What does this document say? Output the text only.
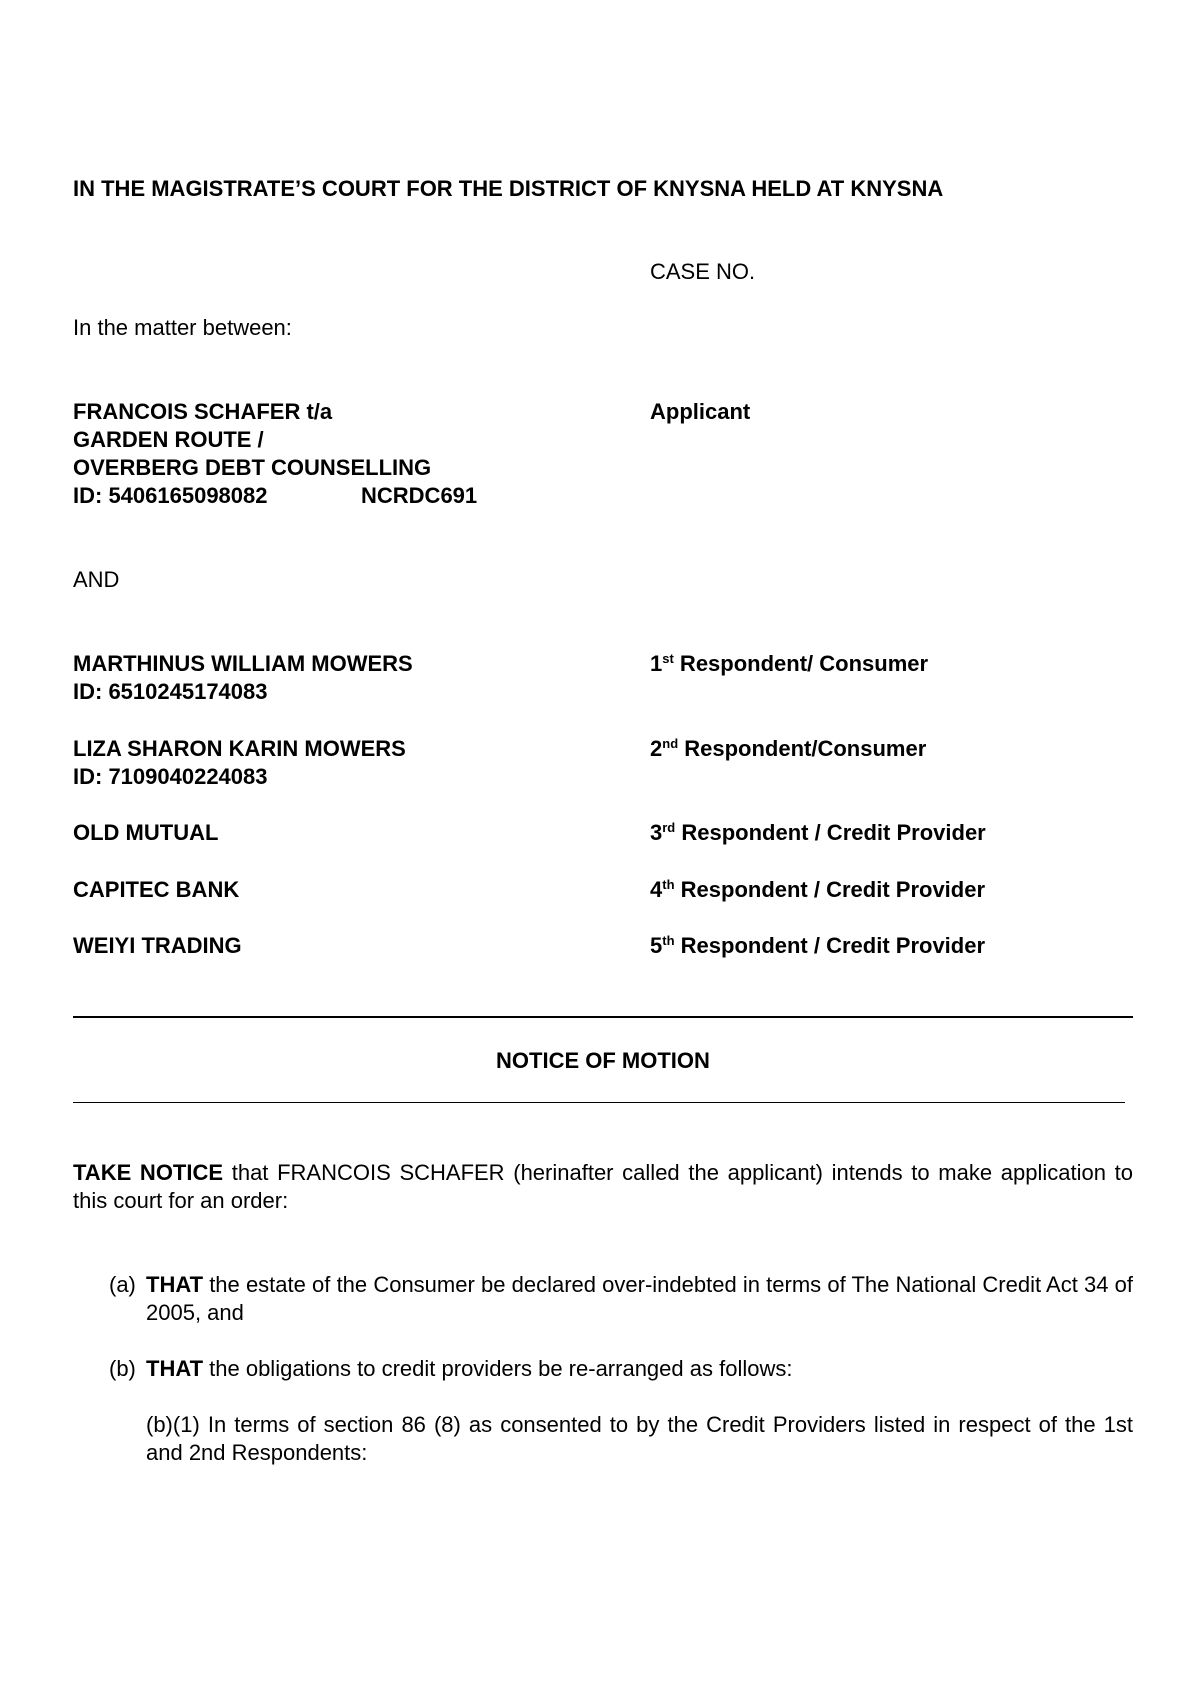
IN THE MAGISTRATE’S COURT FOR THE DISTRICT OF KNYSNA HELD AT KNYSNA
CASE NO.
In the matter between:
FRANCOIS SCHAFER t/a
GARDEN ROUTE /
OVERBERG DEBT COUNSELLING
ID: 5406165098082	NCRDC691
Applicant
AND
MARTHINUS WILLIAM MOWERS
ID: 6510245174083
1st Respondent/ Consumer
LIZA SHARON KARIN MOWERS
ID: 7109040224083
2nd Respondent/Consumer
OLD MUTUAL	3rd Respondent / Credit Provider
CAPITEC BANK	4th Respondent / Credit Provider
WEIYI TRADING	5th Respondent / Credit Provider
NOTICE OF MOTION
TAKE NOTICE that FRANCOIS SCHAFER (herinafter called the applicant) intends to make application to this court for an order:
(a) THAT the estate of the Consumer be declared over-indebted in terms of The National Credit Act 34 of 2005, and
(b) THAT the obligations to credit providers be re-arranged as follows:
(b)(1) In terms of section 86 (8) as consented to by the Credit Providers listed in respect of the 1st and 2nd Respondents:
